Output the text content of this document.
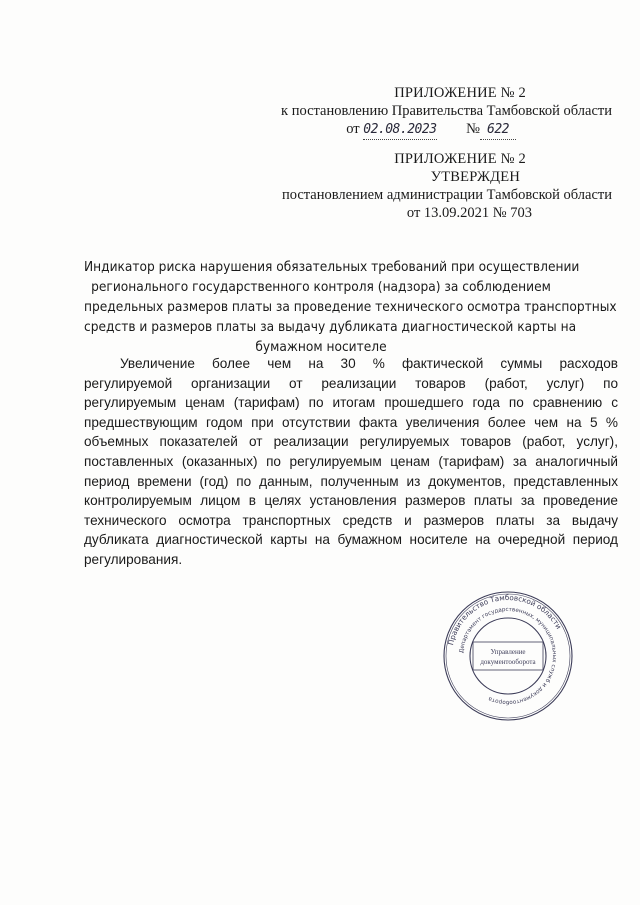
ПРИЛОЖЕНИЕ № 2
к постановлению Правительства Тамбовской области
от 02.08.2023 № 622
ПРИЛОЖЕНИЕ № 2
УТВЕРЖДЕН
постановлением администрации Тамбовской области
от 13.09.2021 № 703
Индикатор риска нарушения обязательных требований при осуществлении
регионального государственного контроля (надзора) за соблюдением
предельных размеров платы за проведение технического осмотра транспортных
средств и размеров платы за выдачу дубликата диагностической карты на
бумажном носителе
Увеличение более чем на 30 % фактической суммы расходов
регулируемой организации от реализации товаров (работ, услуг) по
регулируемым ценам (тарифам) по итогам прошедшего года по сравнению с
предшествующим годом при отсутствии факта увеличения более чем на 5 %
объемных показателей от реализации регулируемых товаров (работ, услуг),
поставленных (оказанных) по регулируемым ценам (тарифам) за аналогичный
период времени (год) по данным, полученным из документов, представленных
контролируемым лицом в целях установления размеров платы за проведение
технического осмотра транспортных средств и размеров платы за выдачу
дубликата диагностической карты на бумажном носителе на очередной период
регулирования.
Правительство Тамбовской области
Департамент государственных, муниципальных служб и документооборота
Управление
документооборота
